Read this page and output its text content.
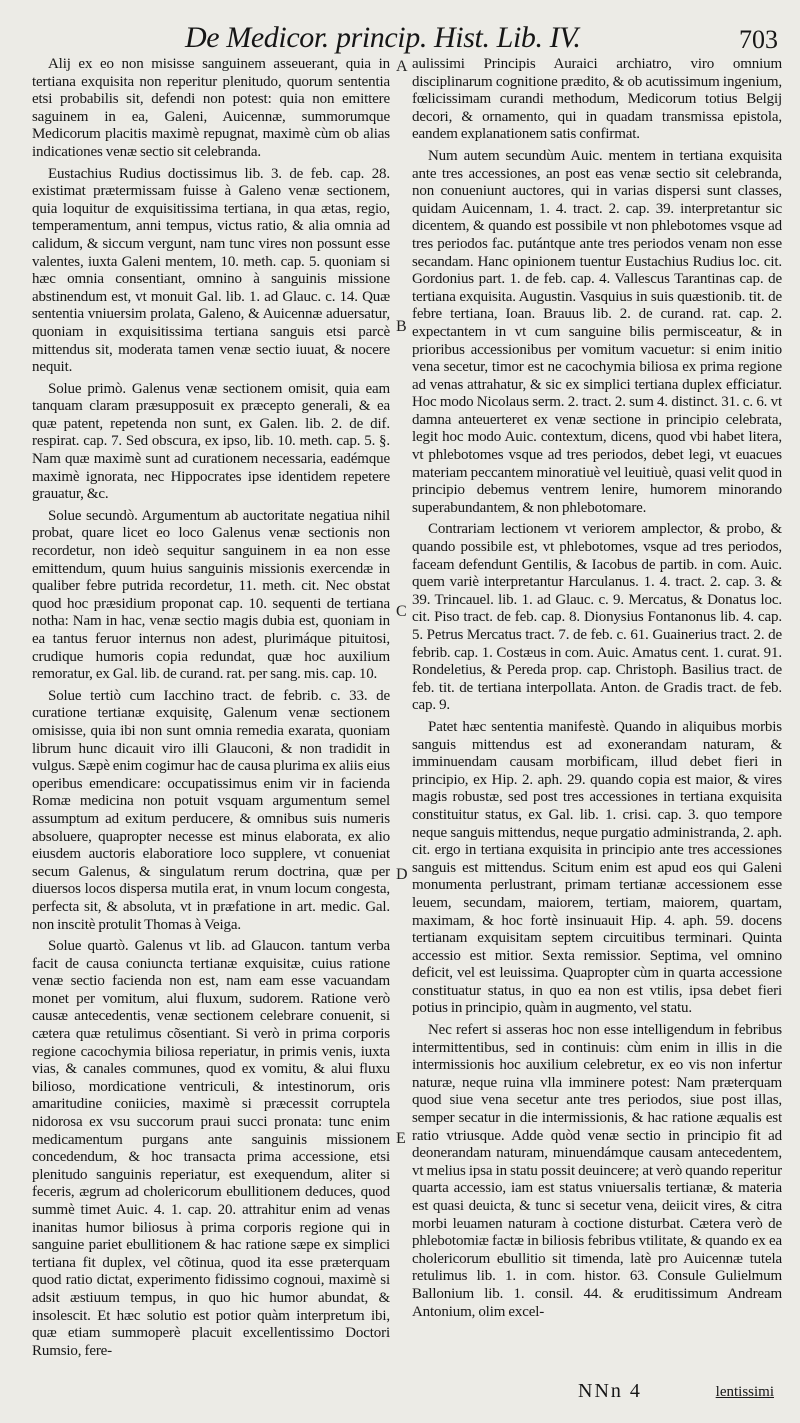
De Medicor. princip. Hist. Lib. IV.	703

Alij ex eo non misisse sanguinem asseuerant, quia in tertiana exquisita non reperitur plenitudo, quorum sententia etsi probabilis sit, defendi non potest: quia non emittere saguinem in ea, Galeni, Auicennæ, summorumque Medicorum placitis maximè repugnat, maximè cùm ob alias indicationes venæ sectio sit celebranda.

Eustachius Rudius doctissimus lib. 3. de feb. cap. 28. existimat prætermissam fuisse à Galeno venæ sectionem, quia loquitur de exquisitissima tertiana, in qua ætas, regio, temperamentum, anni tempus, victus ratio, & alia omnia ad calidum, & siccum vergunt, nam tunc vires non possunt esse valentes, iuxta Galeni mentem, 10. meth. cap. 5. quoniam si hæc omnia consentiant, omnino à sanguinis missione abstinendum est, vt monuit Gal. lib. 1. ad Glauc. c. 14. Quæ sententia vniuersim prolata, Galeno, & Auicennæ aduersatur, quoniam in exquisitissima tertiana sanguis etsi parcè mittendus sit, moderata tamen venæ sectio iuuat, & nocere nequit.

Solue primò. Galenus venæ sectionem omisit, quia eam tanquam claram præsupposuit ex præcepto generali, & ea quæ patent, repetenda non sunt, ex Galen. lib. 2. de dif. respirat. cap. 7. Sed obscura, ex ipso, lib. 10. meth. cap. 5. §. Nam quæ maximè sunt ad curationem necessaria, eadémque maximè ignorata, nec Hippocrates ipse identidem repetere grauatur, &c.

Solue secundò. Argumentum ab auctoritate negatiua nihil probat, quare licet eo loco Galenus venæ sectionis non recordetur, non ideò sequitur sanguinem in ea non esse emittendum, quum huius sanguinis missionis exercendæ in qualiber febre putrida recordetur, 11. meth. cit. Nec obstat quod hoc præsidium proponat cap. 10. sequenti de tertiana notha: Nam in hac, venæ sectio magis dubia est, quoniam in ea tantus feruor internus non adest, plurimáque pituitosi, crudique humoris copia redundat, quæ hoc auxilium remoratur, ex Gal. lib. de curand. rat. per sang. mis. cap. 10.

Solue tertiò cum Iacchino tract. de febrib. c. 33. de curatione tertianæ exquisitę, Galenum venæ sectionem omisisse, quia ibi non sunt omnia remedia exarata, quoniam librum hunc dicauit viro illi Glauconi, & non tradidit in vulgus. Sæpè enim cogimur hac de causa plurima ex aliis eius operibus emendicare: occupatissimus enim vir in facienda Romæ medicina non potuit vsquam argumentum semel assumptum ad exitum perducere, & omnibus suis numeris absoluere, quapropter necesse est minus elaborata, ex alio eiusdem auctoris elaboratiore loco supplere, vt conueniat secum Galenus, & singulatum rerum doctrina, quæ per diuersos locos dispersa mutila erat, in vnum locum congesta, perfecta sit, & absoluta, vt in præfatione in art. medic. Gal. non inscitè protulit Thomas à Veiga.

Solue quartò. Galenus vt lib. ad Glaucon. tantum verba facit de causa coniuncta tertianæ exquisitæ, cuius ratione venæ sectio facienda non est, nam eam esse vacuandam monet per vomitum, alui fluxum, sudorem. Ratione verò causæ antecedentis, venæ sectionem celebrare conuenit, si cætera quæ retulimus cõsentiant. Si verò in prima corporis regione cacochymia biliosa reperiatur, in primis venis, iuxta vias, & canales communes, quod ex vomitu, & alui fluxu bilioso, mordicatione ventriculi, & intestinorum, oris amaritudine coniicies, maximè si præcessit corruptela nidorosa ex vsu succorum praui succi pronata: tunc enim medicamentum purgans ante sanguinis missionem concedendum, & hoc transacta prima accessione, etsi plenitudo sanguinis reperiatur, est exequendum, aliter si feceris, ægrum ad cholericorum ebullitionem deduces, quod summè timet Auic. 4. 1. cap. 20. attrahitur enim ad venas inanitas humor biliosus à prima corporis regione qui in sanguine pariet ebullitionem & hac ratione sæpe ex simplici tertiana fit duplex, vel cõtinua, quod ita esse præterquam quod ratio dictat, experimento fidissimo cognoui, maximè si adsit æstiuum tempus, in quo hic humor abundat, & insolescit. Et hæc solutio est potior quàm interpretum ibi, quæ etiam summoperè placuit excellentissimo Doctori Rumsio, fere-

aulissimi Principis Auraici archiatro, viro omnium disciplinarum cognitione prædito, & ob acutissimum ingenium, fœlicissimam curandi methodum, Medicorum totius Belgij decori, & ornamento, qui in quadam transmissa epistola, eandem explanationem satis confirmat.

Num autem secundùm Auic. mentem in tertiana exquisita ante tres accessiones, an post eas venæ sectio sit celebranda, non conueniunt auctores, qui in varias dispersi sunt classes, quidam Auicennam, 1. 4. tract. 2. cap. 39. interpretantur sic dicentem, & quando est possibile vt non phlebotomes vsque ad tres periodos fac. putántque ante tres periodos venam non esse secandam. Hanc opinionem tuentur Eustachius Rudius loc. cit. Gordonius part. 1. de feb. cap. 4. Vallescus Tarantinas cap. de tertiana exquisita. Augustin. Vasquius in suis quæstionib. tit. de febre tertiana, Ioan. Brauus lib. 2. de curand. rat. cap. 2. expectantem in vt cum sanguine bilis permisceatur, & in prioribus accessionibus per vomitum vacuetur: si enim initio vena secetur, timor est ne cacochymia biliosa ex prima regione ad venas attrahatur, & sic ex simplici tertiana duplex efficiatur. Hoc modo Nicolaus serm. 2. tract. 2. sum 4. distinct. 31. c. 6. vt damna anteuerteret ex venæ sectione in principio celebrata, legit hoc modo Auic. contextum, dicens, quod vbi habet litera, vt phlebotomes vsque ad tres periodos, debet legi, vt euacues materiam peccantem minoratiuè vel leuitiuè, quasi velit quod in principio debemus ventrem lenire, humorem minorando superabundantem, & non phlebotomare.

Contrariam lectionem vt veriorem amplector, & probo, & quando possibile est, vt phlebotomes, vsque ad tres periodos, faceam defendunt Gentilis, & Iacobus de partib. in com. Auic. quem variè interpretantur Harculanus. 1. 4. tract. 2. cap. 3. & 39. Trincauel. lib. 1. ad Glauc. c. 9. Mercatus, & Donatus loc. cit. Piso tract. de feb. cap. 8. Dionysius Fontanonus lib. 4. cap. 5. Petrus Mercatus tract. 7. de feb. c. 61. Guainerius tract. 2. de febrib. cap. 1. Costæus in com. Auic. Amatus cent. 1. curat. 91. Rondeletius, & Pereda prop. cap. Christoph. Basilius tract. de feb. tit. de tertiana interpollata. Anton. de Gradis tract. de feb. cap. 9.

Patet hæc sententia manifestè. Quando in aliquibus morbis sanguis mittendus est ad exonerandam naturam, & imminuendam causam morbificam, illud debet fieri in principio, ex Hip. 2. aph. 29. quando copia est maior, & vires magis robustæ, sed post tres accessiones in tertiana exquisita constituitur status, ex Gal. lib. 1. crisi. cap. 3. quo tempore neque sanguis mittendus, neque purgatio administranda, 2. aph. cit. ergo in tertiana exquisita in principio ante tres accessiones sanguis est mittendus. Scitum enim est apud eos qui Galeni monumenta perlustrant, primam tertianæ accessionem esse leuem, secundam, maiorem, tertiam, maiorem, quartam, maximam, & hoc fortè insinuauit Hip. 4. aph. 59. docens tertianam exquisitam septem circuitibus terminari. Quinta accessio est mitior. Sexta remissior. Septima, vel omnino deficit, vel est leuissima. Quapropter cùm in quarta accessione constituatur status, in quo ea non est vtilis, ipsa debet fieri potius in principio, quàm in augmento, vel statu.

Nec refert si asseras hoc non esse intelligendum in febribus intermittentibus, sed in continuis: cùm enim in illis in die intermissionis hoc auxilium celebretur, ex eo vis non infertur naturæ, neque ruina vlla imminere potest: Nam præterquam quod siue vena secetur ante tres periodos, siue post illas, semper secatur in die intermissionis, & hac ratione æqualis est ratio vtriusque. Adde quòd venæ sectio in principio fit ad deonerandam naturam, minuendámque causam antecedentem, vt melius ipsa in statu possit deuincere; at verò quando reperitur quarta accessio, iam est status vniuersalis tertianæ, & materia est quasi deuicta, & tunc si secetur vena, deiicit vires, & citra morbi leuamen naturam à coctione disturbat. Cætera verò de phlebotomiæ factæ in biliosis febribus vtilitate, & quando ex ea cholericorum ebullitio sit timenda, latè pro Auicennæ tutela retulimus lib. 1. in com. histor. 63. Consule Gulielmum Ballonium lib. 1. consil. 44. & eruditissimum Andream Antonium, olim excel-

A
B
C
D
E
NNn 4	lentissimi
